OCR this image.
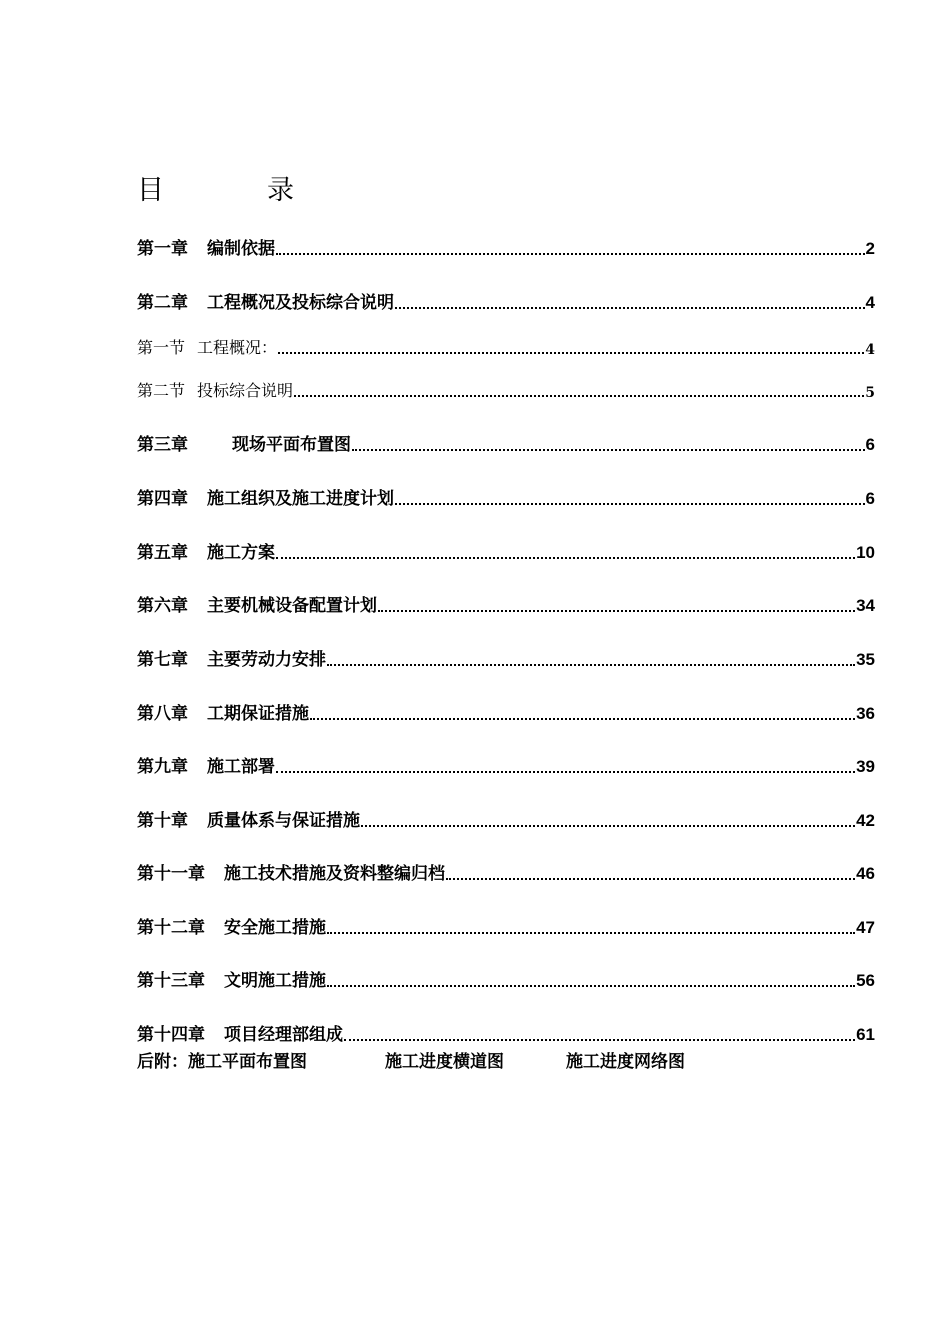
目	录
第一章 编制依据	2
第二章 工程概况及投标综合说明	4
第一节 工程概况：	4
第二节 投标综合说明	5
第三章	现场平面布置图	6
第四章 施工组织及施工进度计划	6
第五章 施工方案	10
第六章 主要机械设备配置计划	34
第七章 主要劳动力安排	35
第八章 工期保证措施	36
第九章 施工部署	39
第十章 质量体系与保证措施	42
第十一章 施工技术措施及资料整编归档	46
第十二章 安全施工措施	47
第十三章 文明施工措施	56
第十四章 项目经理部组成	61
后附：施工平面布置图	施工进度横道图	施工进度网络图
